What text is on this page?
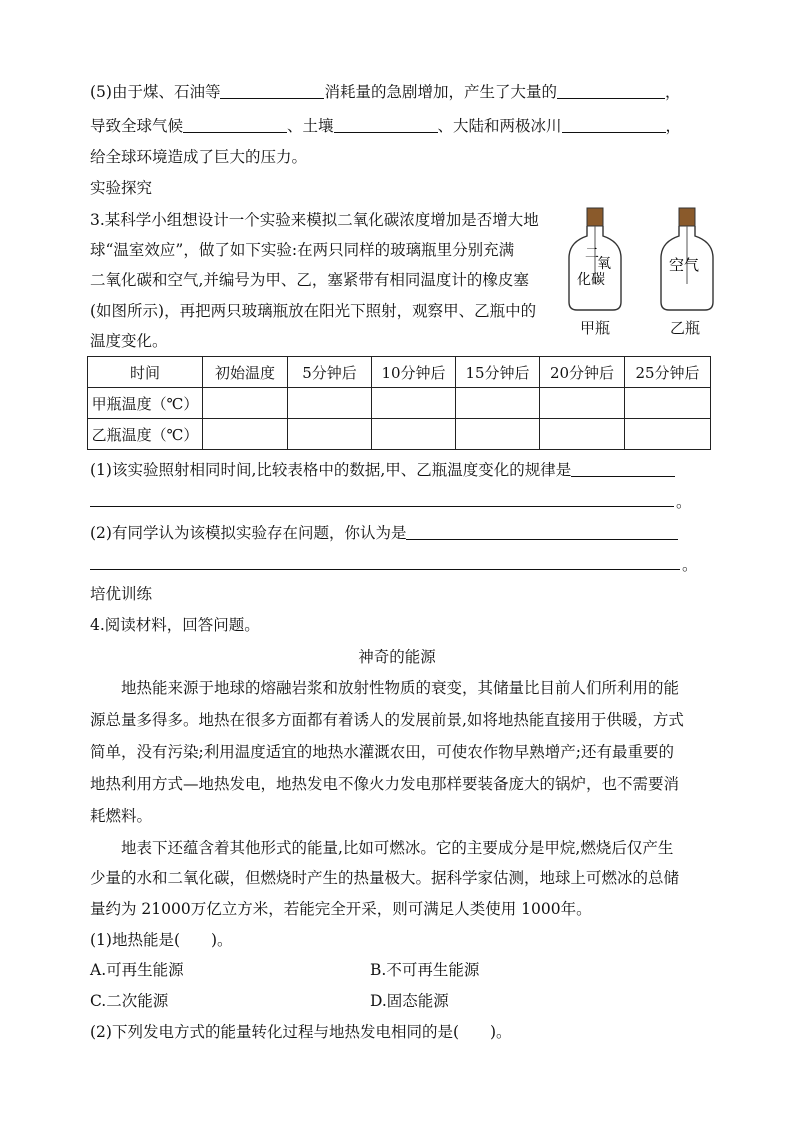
(5)由于煤、石油等	消耗量的急剧增加，产生了大量的	，
导致全球气候	、土壤	、大陆和两极冰川	，
给全球环境造成了巨大的压力。
实验探究
3.某科学小组想设计一个实验来模拟二氧化碳浓度增加是否增大地
球“温室效应”，做了如下实验:在两只同样的玻璃瓶里分别充满
二氧化碳和空气,并编号为甲、乙，塞紧带有相同温度计的橡皮塞
(如图所示)，再把两只玻璃瓶放在阳光下照射，观察甲、乙瓶中的
温度变化。
二
氧
化碳
甲瓶
空气
乙瓶
时间	初始温度	5分钟后	10分钟后	15分钟后	20分钟后	25分钟后
甲瓶温度（℃）						
乙瓶温度（℃）						
(1)该实验照射相同时间,比较表格中的数据,甲、乙瓶温度变化的规律是
。
(2)有同学认为该模拟实验存在问题，你认为是
。
培优训练
4.阅读材料，回答问题。
神奇的能源
地热能来源于地球的熔融岩浆和放射性物质的衰变，其储量比目前人们所利用的能
源总量多得多。地热在很多方面都有着诱人的发展前景,如将地热能直接用于供暖，方式
简单，没有污染;利用温度适宜的地热水灌溉农田，可使农作物早熟增产;还有最重要的
地热利用方式—地热发电，地热发电不像火力发电那样要装备庞大的锅炉，也不需要消
耗燃料。
地表下还蕴含着其他形式的能量,比如可燃冰。它的主要成分是甲烷,燃烧后仅产生
少量的水和二氧化碳，但燃烧时产生的热量极大。据科学家估测，地球上可燃冰的总储
量约为 21000万亿立方米，若能完全开采，则可满足人类使用 1000年。
(1)地热能是(　　)。
A.可再生能源	B.不可再生能源
C.二次能源	D.固态能源
(2)下列发电方式的能量转化过程与地热发电相同的是(　　)。
